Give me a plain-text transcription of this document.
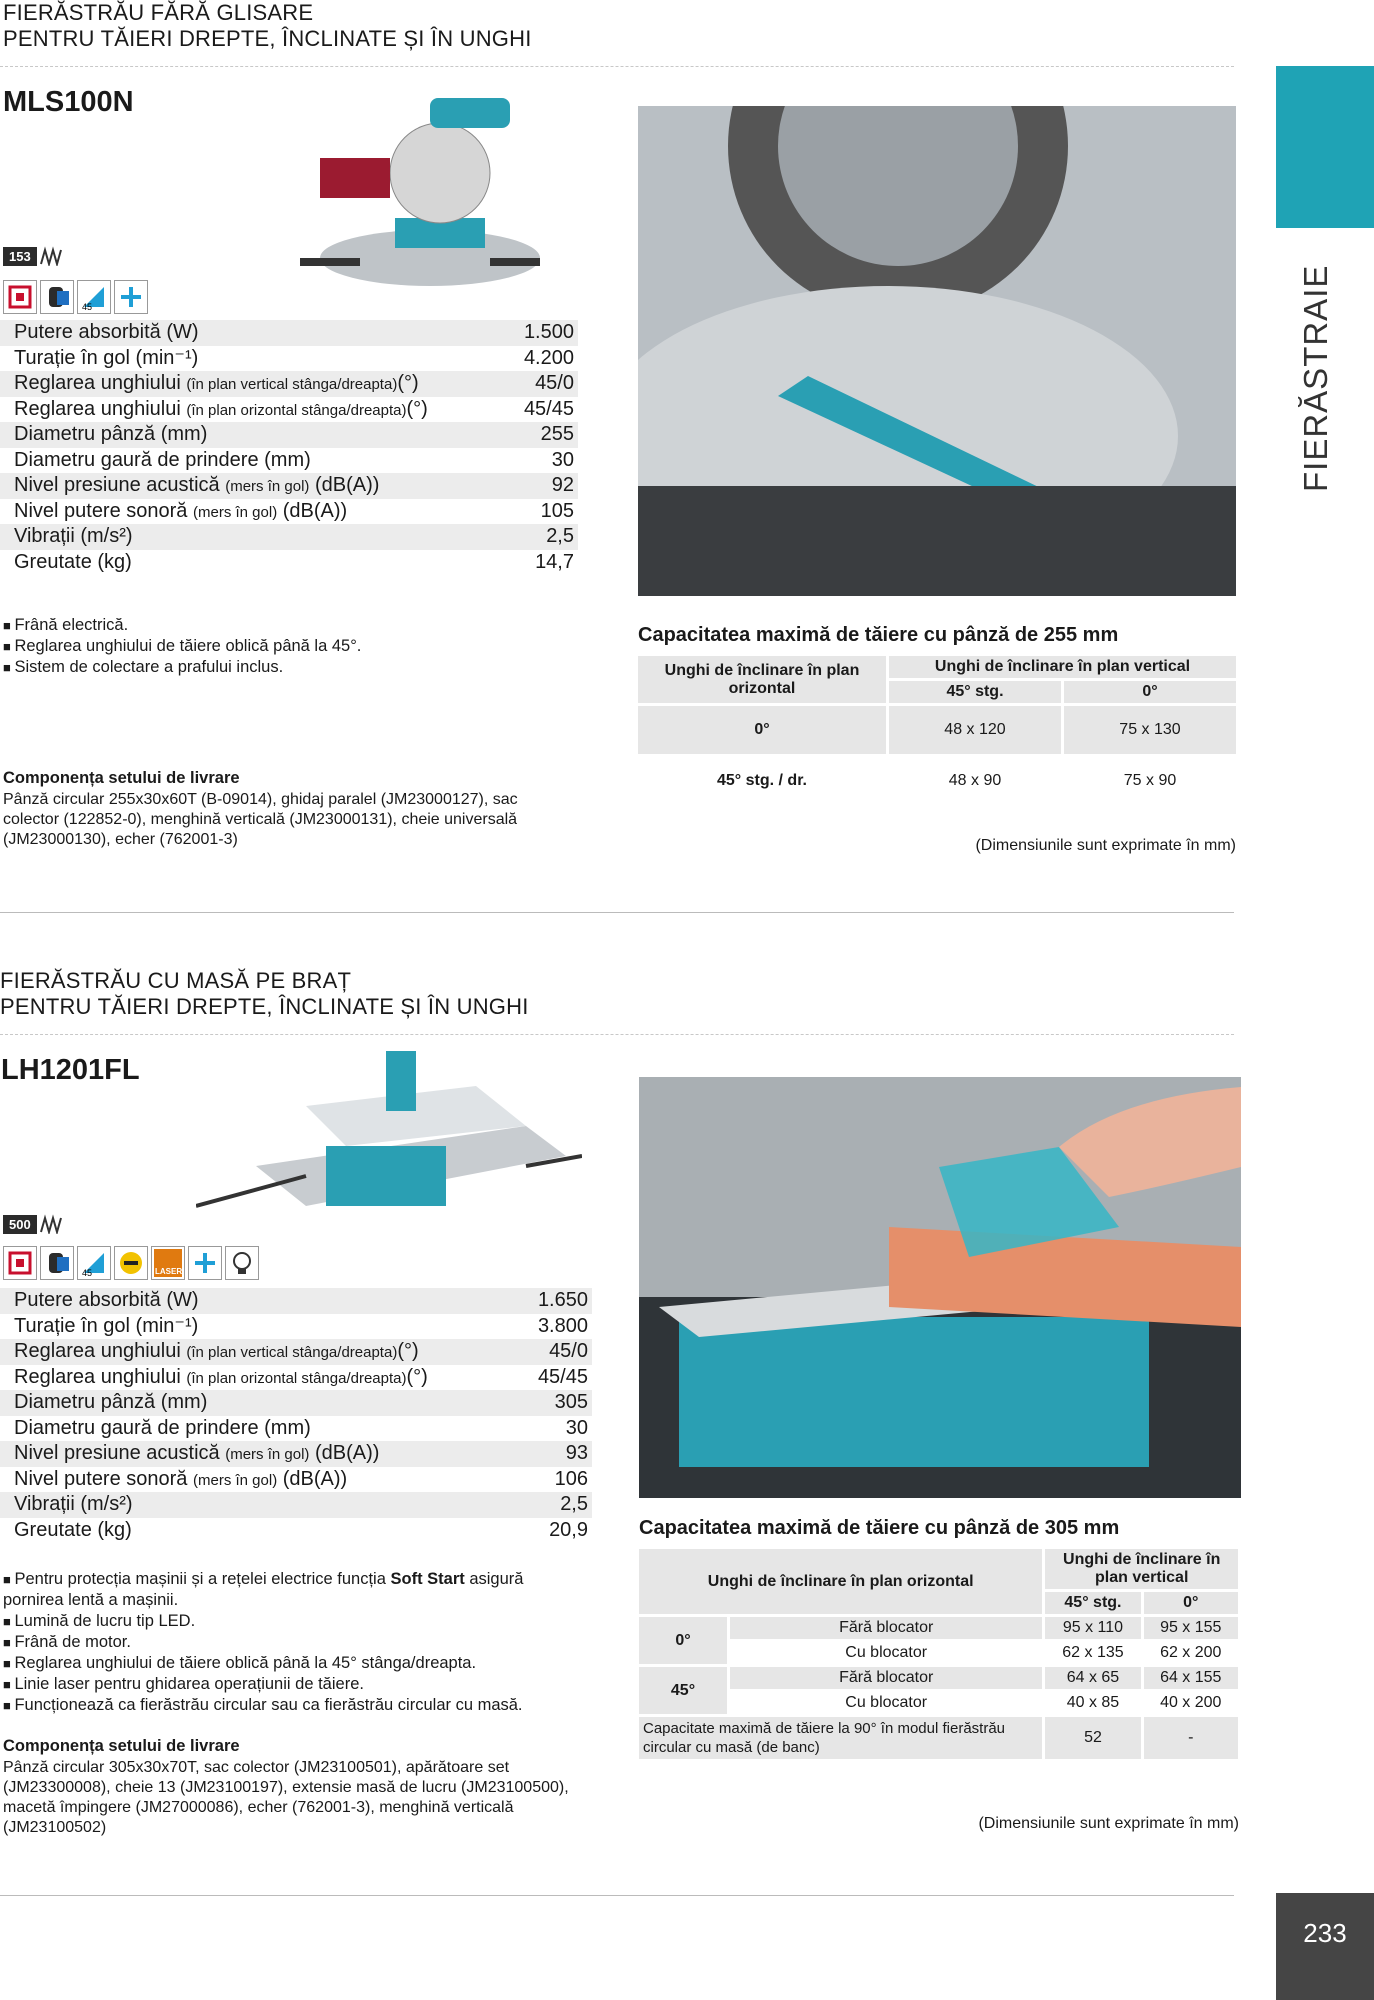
FIERĂSTRAIE
233
FIERĂSTRĂU FĂRĂ GLISARE
PENTRU TĂIERI DREPTE, ÎNCLINATE ȘI ÎN UNGHI
MLS100N
153
45
Putere absorbită (W)	1.500
Turație în gol (min⁻¹)	4.200
Reglarea unghiului (în plan vertical stânga/dreapta)(°)	45/0
Reglarea unghiului (în plan orizontal stânga/dreapta)(°)	45/45
Diametru pânză (mm)	255
Diametru gaură de prindere (mm)	30
Nivel presiune acustică (mers în gol) (dB(A))	92
Nivel putere sonoră (mers în gol) (dB(A))	105
Vibrații (m/s²)	2,5
Greutate (kg)	14,7
■ Frână electrică.
■ Reglarea unghiului de tăiere oblică până la 45°.
■ Sistem de colectare a prafului inclus.
Componența setului de livrare
Pânză circular 255x30x60T (B-09014), ghidaj paralel (JM23000127), sac colector (122852-0), menghină verticală (JM23000131), cheie universală (JM23000130), echer (762001-3)
Capacitatea maximă de tăiere cu pânză de 255 mm
Unghi de înclinare în plan orizontal	Unghi de înclinare în plan vertical	
	45° stg.	0°
0°	48 x 120	75 x 130
45° stg. / dr.	48 x 90	75 x 90
(Dimensiunile sunt exprimate în mm)
FIERĂSTRĂU CU MASĂ PE BRAȚ
PENTRU TĂIERI DREPTE, ÎNCLINATE ȘI ÎN UNGHI
LH1201FL
500
45	LASER
Putere absorbită (W)	1.650
Turație în gol (min⁻¹)	3.800
Reglarea unghiului (în plan vertical stânga/dreapta)(°)	45/0
Reglarea unghiului (în plan orizontal stânga/dreapta)(°)	45/45
Diametru pânză (mm)	305
Diametru gaură de prindere (mm)	30
Nivel presiune acustică (mers în gol) (dB(A))	93
Nivel putere sonoră (mers în gol) (dB(A))	106
Vibrații (m/s²)	2,5
Greutate (kg)	20,9
■ Pentru protecția mașinii și a rețelei electrice funcția Soft Start asigură pornirea lentă a mașinii.
■ Lumină de lucru tip LED.
■ Frână de motor.
■ Reglarea unghiului de tăiere oblică până la 45° stânga/dreapta.
■ Linie laser pentru ghidarea operațiunii de tăiere.
■ Funcționează ca fierăstrău circular sau ca fierăstrău circular cu masă.
Componența setului de livrare
Pânză circular 305x30x70T, sac colector (JM23100501), apărătoare set (JM23300008), cheie 13 (JM23100197), extensie masă de lucru (JM23100500), macetă împingere (JM27000086), echer (762001-3), menghină verticală (JM23100502)
Capacitatea maximă de tăiere cu pânză de 305 mm
Unghi de înclinare în plan orizontal		Unghi de înclinare în plan vertical	
		45° stg.	0°
0°	Fără blocator	95 x 110	95 x 155
	Cu blocator	62 x 135	62 x 200
45°	Fără blocator	64 x 65	64 x 155
	Cu blocator	40 x 85	40 x 200
Capacitate maximă de tăiere la 90° în modul fierăstrău circular cu masă (de banc)		52	-
(Dimensiunile sunt exprimate în mm)
